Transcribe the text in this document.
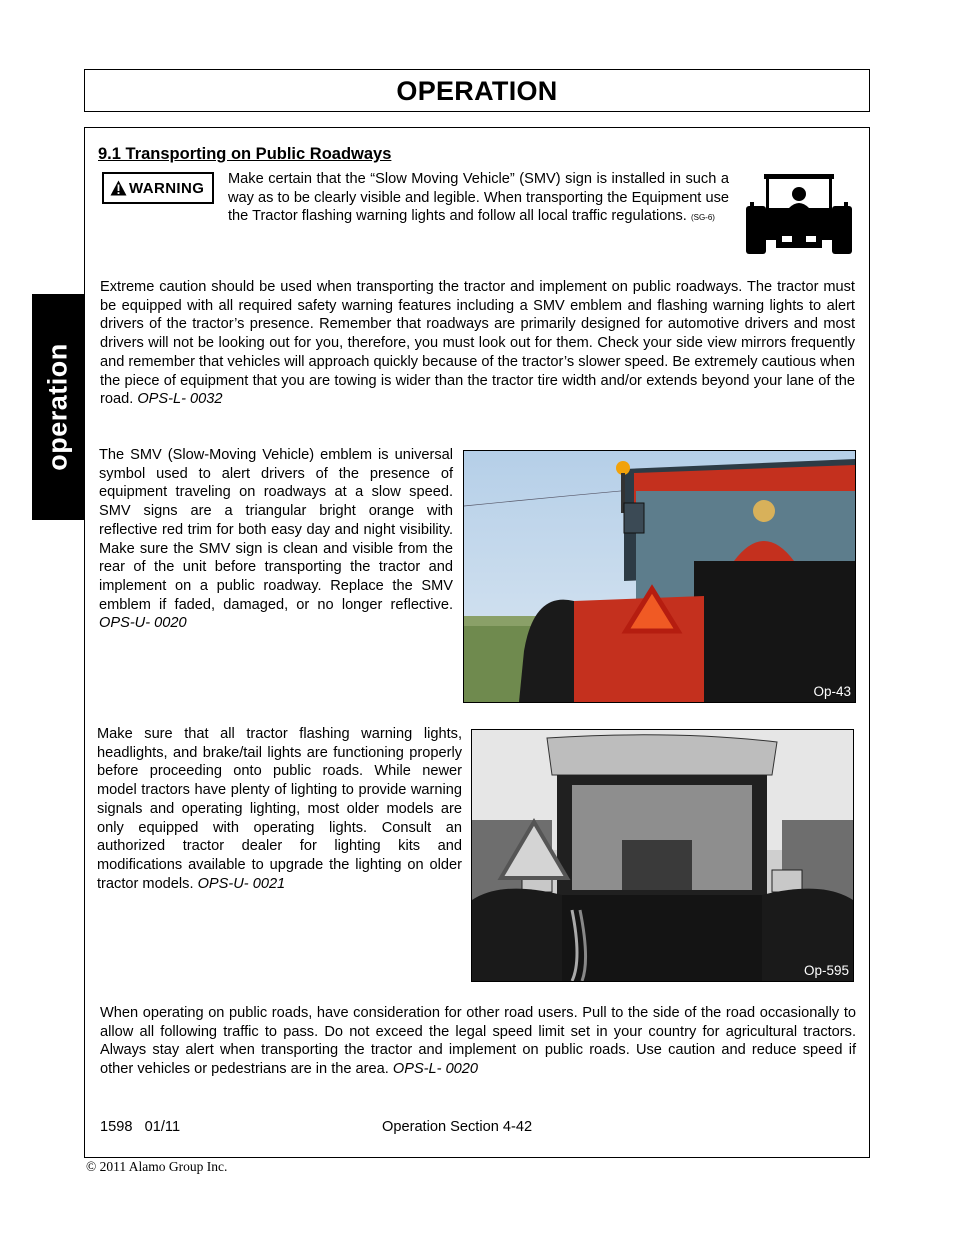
OPERATION
operation
9.1 Transporting on Public Roadways
WARNING
Make certain that the “Slow Moving Vehicle” (SMV) sign is installed in such a way as to be clearly visible and legible. When transporting the Equipment use the Tractor flashing warning lights and follow all local traffic regulations. (SG-6)
Extreme caution should be used when transporting the tractor and implement on public roadways. The tractor must be equipped with all required safety warning features including a SMV emblem and flashing warning lights to alert drivers of the tractor’s presence. Remember that roadways are primarily designed for automotive drivers and most drivers will not be looking out for you, therefore, you must look out for them. Check your side view mirrors frequently and remember that vehicles will approach quickly because of the tractor’s slower speed. Be extremely cautious when the piece of equipment that you are towing is wider than the tractor tire width and/or extends beyond your lane of the road. OPS-L- 0032
The SMV (Slow-Moving Vehicle) emblem is universal symbol used to alert drivers of the presence of equipment traveling on roadways at a slow speed. SMV signs are a triangular bright orange with reflective red trim for both easy day and night visibility. Make sure the SMV sign is clean and visible from the rear of the unit before transporting the tractor and implement on a public roadway. Replace the SMV emblem if faded, damaged, or no longer reflective. OPS-U- 0020
Op-43
Make sure that all tractor flashing warning lights, headlights, and brake/tail lights are functioning properly before proceeding onto public roads. While newer model tractors have plenty of lighting to provide warning signals and operating lighting, most older models are only equipped with operating lights. Consult an authorized tractor dealer for lighting kits and modifications available to upgrade the lighting on older tractor models. OPS-U- 0021
Op-595
When operating on public roads, have consideration for other road users. Pull to the side of the road occasionally to allow all following traffic to pass. Do not exceed the legal speed limit set in your country for agricultural tractors. Always stay alert when transporting the tractor and implement on public roads. Use caution and reduce speed if other vehicles or pedestrians are in the area. OPS-L- 0020
1598   01/11	Operation Section 4-42
© 2011 Alamo Group Inc.
